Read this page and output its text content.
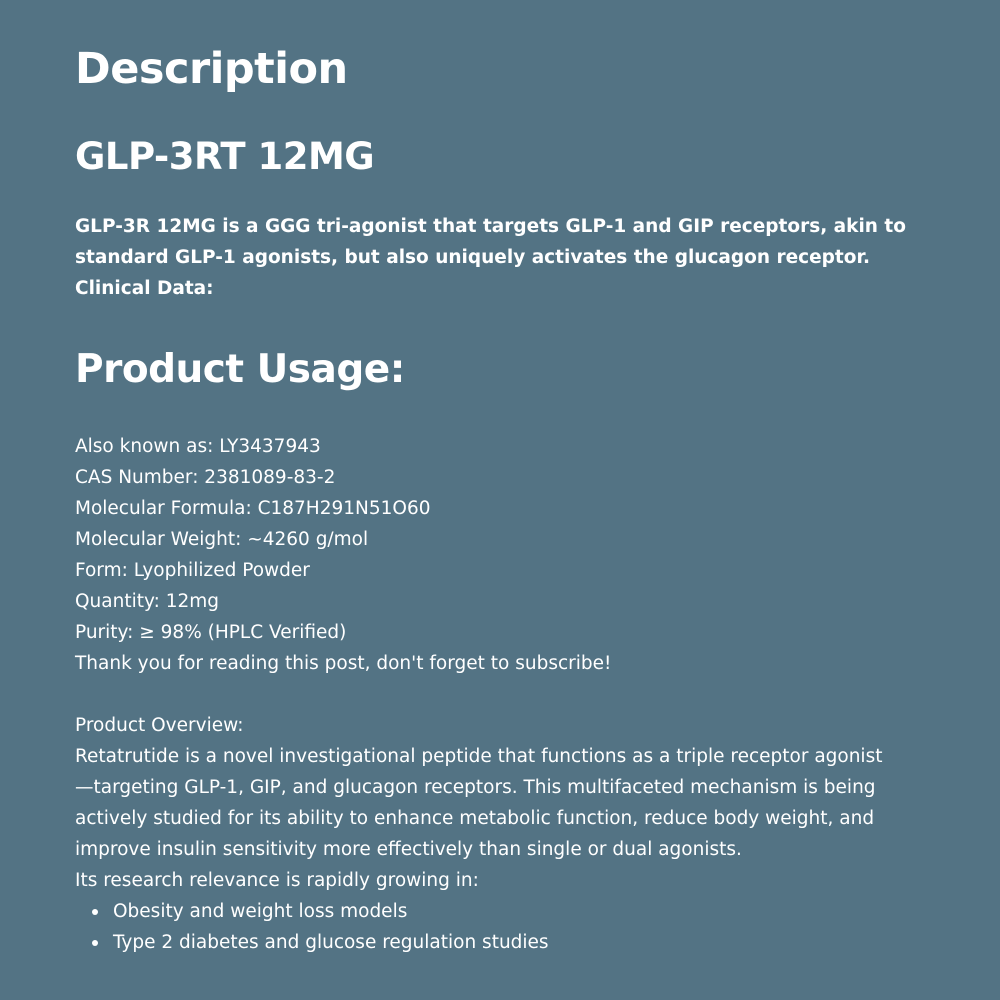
Description
GLP-3RT 12MG
GLP-3R 12MG is a GGG tri-agonist that targets GLP-1 and GIP receptors, akin to
standard GLP-1 agonists, but also uniquely activates the glucagon receptor.
Clinical Data:
Product Usage:
Also known as: LY3437943
CAS Number: 2381089-83-2
Molecular Formula: C187H291N51O60
Molecular Weight: ~4260 g/mol
Form: Lyophilized Powder
Quantity: 12mg
Purity: ≥ 98% (HPLC Verified)
Thank you for reading this post, don't forget to subscribe!
Product Overview:
Retatrutide is a novel investigational peptide that functions as a triple receptor agonist
—targeting GLP-1, GIP, and glucagon receptors. This multifaceted mechanism is being
actively studied for its ability to enhance metabolic function, reduce body weight, and
improve insulin sensitivity more effectively than single or dual agonists.
Its research relevance is rapidly growing in:
Obesity and weight loss models
Type 2 diabetes and glucose regulation studies
